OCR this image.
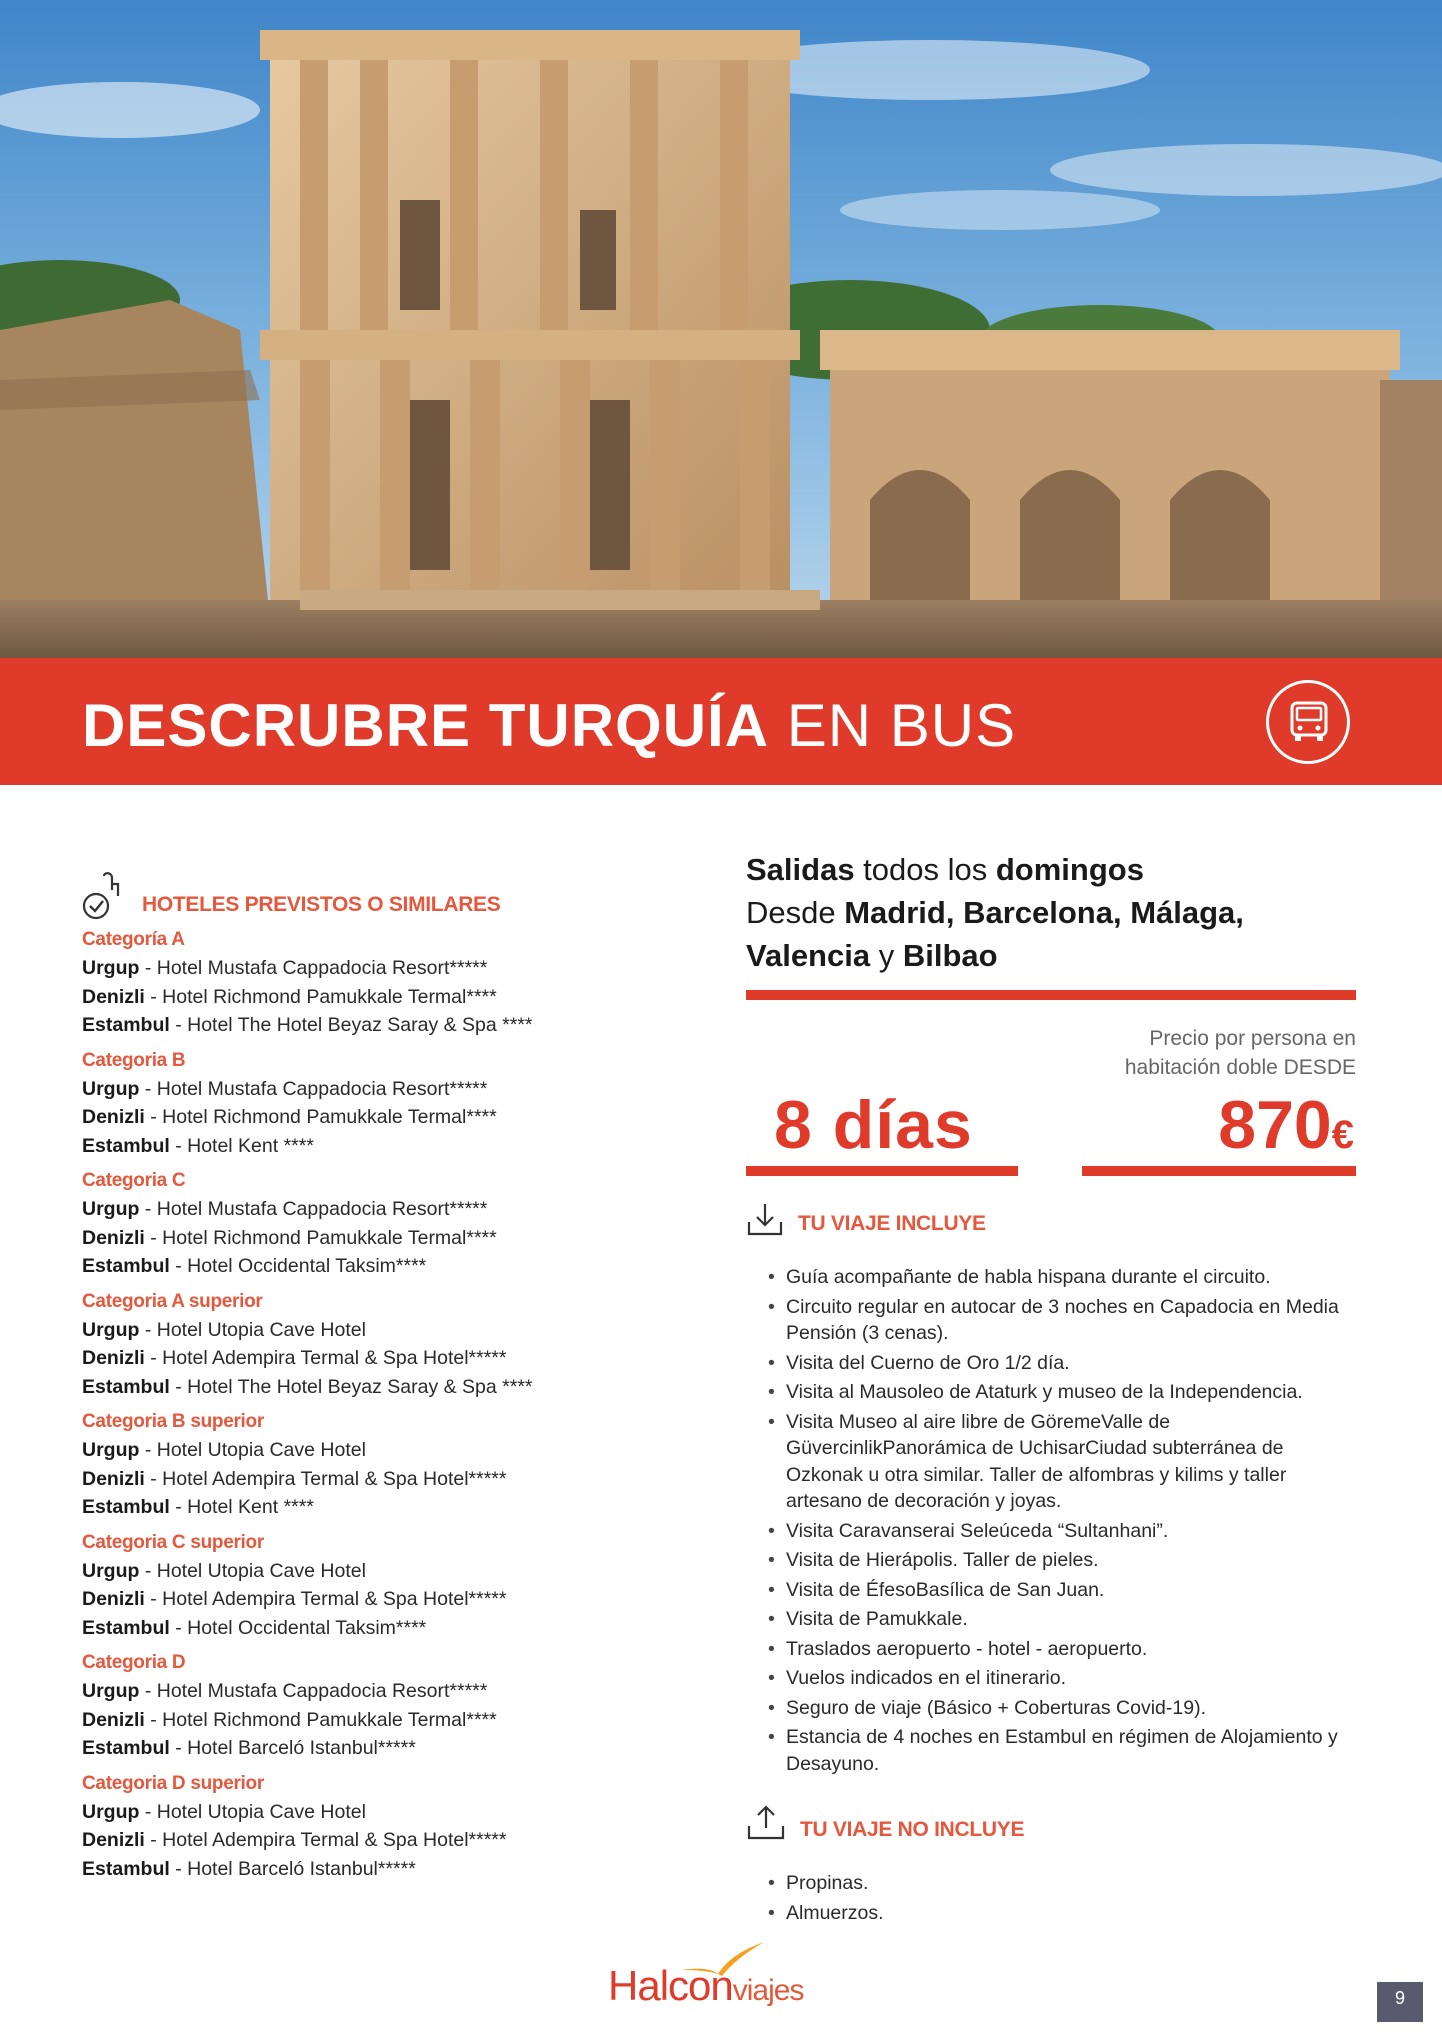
DESCRUBRE TURQUÍA EN BUS
HOTELES PREVISTOS O SIMILARES
Categoría A
Urgup - Hotel Mustafa Cappadocia Resort*****
Denizli - Hotel Richmond Pamukkale Termal****
Estambul - Hotel The Hotel Beyaz Saray & Spa ****
Categoria B
Urgup - Hotel Mustafa Cappadocia Resort*****
Denizli - Hotel Richmond Pamukkale Termal****
Estambul - Hotel Kent ****
Categoria C
Urgup - Hotel Mustafa Cappadocia Resort*****
Denizli - Hotel Richmond Pamukkale Termal****
Estambul - Hotel Occidental Taksim****
Categoria A superior
Urgup - Hotel Utopia Cave Hotel
Denizli - Hotel Adempira Termal & Spa Hotel*****
Estambul - Hotel The Hotel Beyaz Saray & Spa ****
Categoria B superior
Urgup - Hotel Utopia Cave Hotel
Denizli - Hotel Adempira Termal & Spa Hotel*****
Estambul - Hotel Kent ****
Categoria C superior
Urgup - Hotel Utopia Cave Hotel
Denizli - Hotel Adempira Termal & Spa Hotel*****
Estambul - Hotel Occidental Taksim****
Categoria D
Urgup - Hotel Mustafa Cappadocia Resort*****
Denizli - Hotel Richmond Pamukkale Termal****
Estambul - Hotel Barceló Istanbul*****
Categoria D superior
Urgup - Hotel Utopia Cave Hotel
Denizli - Hotel Adempira Termal & Spa Hotel*****
Estambul - Hotel Barceló Istanbul*****
Salidas todos los domingos
Desde Madrid, Barcelona, Málaga,
Valencia y Bilbao
Precio por persona en
habitación doble DESDE
8 días	870€
TU VIAJE INCLUYE
• Guía acompañante de habla hispana durante el circuito.
• Circuito regular en autocar de 3 noches en Capadocia en Media Pensión (3 cenas).
• Visita del Cuerno de Oro 1/2 día.
• Visita al Mausoleo de Ataturk y museo de la Independencia.
• Visita Museo al aire libre de GöremeValle de GüvercinlikPanorámica de UchisarCiudad subterránea de Ozkonak u otra similar. Taller de alfombras y kilims y taller artesano de decoración y joyas.
• Visita Caravanserai Seleúceda “Sultanhani”.
• Visita de Hierápolis. Taller de pieles.
• Visita de ÉfesoBasílica de San Juan.
• Visita de Pamukkale.
• Traslados aeropuerto - hotel - aeropuerto.
• Vuelos indicados en el itinerario.
• Seguro de viaje (Básico + Coberturas Covid-19).
• Estancia de 4 noches en Estambul en régimen de Alojamiento y Desayuno.
TU VIAJE NO INCLUYE
• Propinas.
• Almuerzos.
Halconviajes	9
